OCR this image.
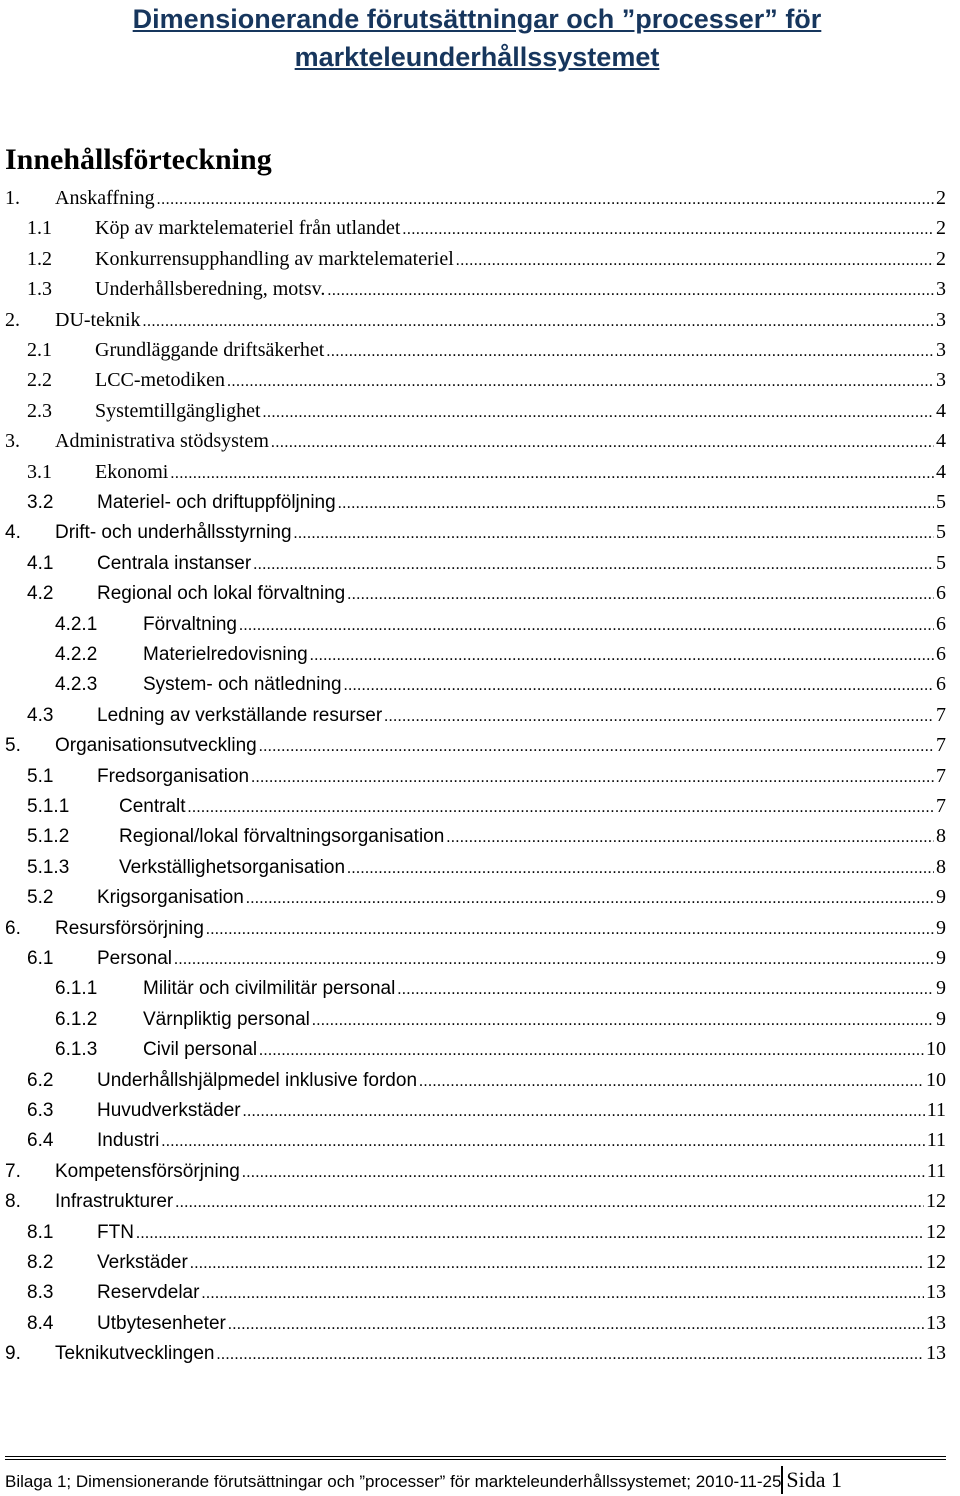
Dimensionerande förutsättningar och ”processer” för
markteleunderhållssystemet
Innehållsförteckning
1.	Anskaffning .....	2
1.1	Köp av marktelemateriel från utlandet .....	2
1.2	Konkurrensupphandling av marktelemateriel .....	2
1.3	Underhållsberedning, motsv. .....	3
2.	DU-teknik .....	3
2.1	Grundläggande driftsäkerhet .....	3
2.2	LCC-metodiken .....	3
2.3	Systemtillgänglighet .....	4
3.	Administrativa stödsystem .....	4
3.1	Ekonomi .....	4
3.2	Materiel- och driftuppföljning .....	5
4.	Drift- och underhållsstyrning .....	5
4.1	Centrala instanser .....	5
4.2	Regional och lokal förvaltning .....	6
4.2.1	Förvaltning .....	6
4.2.2	Materielredovisning .....	6
4.2.3	System- och nätledning .....	6
4.3	Ledning av verkställande resurser .....	7
5.	Organisationsutveckling .....	7
5.1	Fredsorganisation .....	7
5.1.1	Centralt .....	7
5.1.2	Regional/lokal förvaltningsorganisation .....	8
5.1.3	Verkställighetsorganisation .....	8
5.2	Krigsorganisation .....	9
6.	Resursförsörjning .....	9
6.1	Personal .....	9
6.1.1	Militär och civilmilitär personal .....	9
6.1.2	Värnpliktig personal .....	9
6.1.3	Civil personal .....	10
6.2	Underhållshjälpmedel inklusive fordon .....	10
6.3	Huvudverkstäder .....	11
6.4	Industri .....	11
7.	Kompetensförsörjning .....	11
8.	Infrastrukturer .....	12
8.1	FTN .....	12
8.2	Verkstäder .....	12
8.3	Reservdelar .....	13
8.4	Utbytesenheter .....	13
9.	Teknikutvecklingen .....	13
Bilaga 1; Dimensionerande förutsättningar och ”processer” för markteleunderhållssystemet; 2010-11-25 Sida 1
